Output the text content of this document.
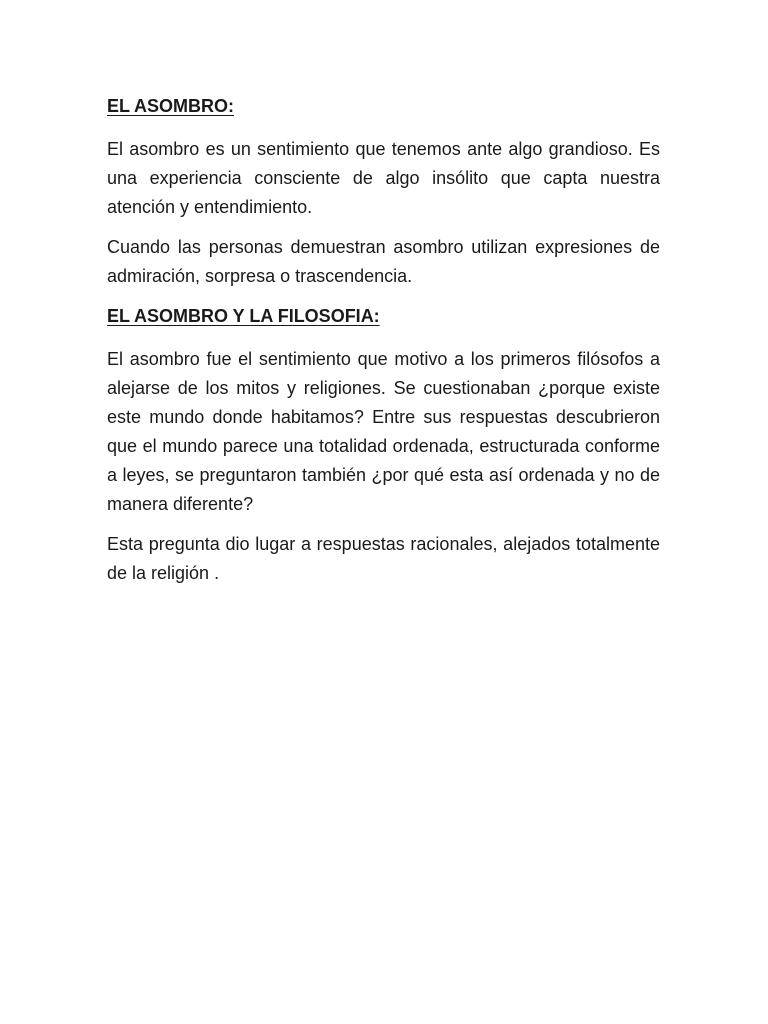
EL ASOMBRO:

El asombro es un sentimiento que tenemos ante algo grandioso. Es una experiencia consciente de algo insólito que capta nuestra atención y entendimiento.

Cuando las personas demuestran asombro utilizan expresiones de admiración, sorpresa o trascendencia.

EL ASOMBRO Y LA FILOSOFIA:

El asombro fue el sentimiento que motivo a los primeros filósofos a alejarse de los mitos y religiones. Se cuestionaban ¿porque existe este mundo donde habitamos? Entre sus respuestas descubrieron que el mundo parece una totalidad ordenada, estructurada conforme a leyes, se preguntaron también ¿por qué esta así ordenada y no de manera diferente?

Esta pregunta dio lugar a respuestas racionales, alejados totalmente de la religión .
